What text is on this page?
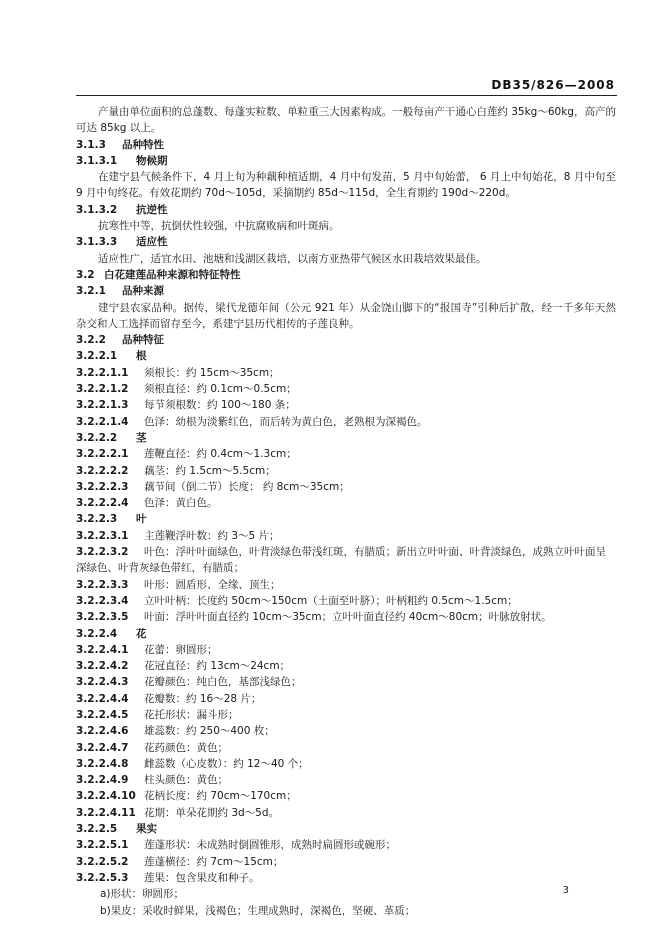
DB35/826—2008
产量由单位面积的总蓬数、每蓬实粒数、单粒重三大因素构成。一般每亩产干通心白莲约 35kg～60kg，高产的可达 85kg 以上。
3.1.3 品种特性
3.1.3.1 物候期
在建宁县气候条件下，4 月上旬为种藕种植适期，4 月中旬发苗，5 月中旬始蕾， 6 月上中旬始花，8 月中旬至 9 月中旬终花。有效花期约 70d～105d，采摘期约 85d～115d，全生育期约 190d～220d。
3.1.3.2 抗逆性
抗寒性中等，抗倒伏性较强，中抗腐败病和叶斑病。
3.1.3.3 适应性
适应性广，适宜水田、池塘和浅湖区栽培，以南方亚热带气候区水田栽培效果最佳。
3.2 白花建莲品种来源和特征特性
3.2.1 品种来源
建宁县农家品种。据传，梁代龙德年间（公元 921 年）从金饶山脚下的“报国寺”引种后扩散，经一千多年天然杂交和人工选择而留存至今，系建宁县历代相传的子莲良种。
3.2.2 品种特征
3.2.2.1 根
3.2.2.1.1 须根长：约 15cm～35cm；
3.2.2.1.2 须根直径：约 0.1cm～0.5cm；
3.2.2.1.3 每节须根数：约 100～180 条；
3.2.2.1.4 色泽：幼根为淡紫红色，而后转为黄白色，老熟根为深褐色。
3.2.2.2 茎
3.2.2.2.1 莲鞭直径：约 0.4cm～1.3cm；
3.2.2.2.2 藕茎：约 1.5cm～5.5cm；
3.2.2.2.3 藕节间（倒二节）长度： 约 8cm～35cm；
3.2.2.2.4 色泽：黄白色。
3.2.2.3 叶
3.2.2.3.1 主莲鞭浮叶数：约 3～5 片；
3.2.2.3.2 叶色：浮叶叶面绿色，叶背淡绿色带浅红斑，有腊质；新出立叶叶面、叶背淡绿色，成熟立叶叶面呈深绿色、叶背灰绿色带红，有腊质；
3.2.2.3.3 叶形：圆盾形、全缘、顶生；
3.2.2.3.4 立叶叶柄：长度约 50cm～150cm（土面至叶脐）；叶柄粗约 0.5cm～1.5cm；
3.2.2.3.5 叶面：浮叶叶面直径约 10cm～35cm；立叶叶面直径约 40cm～80cm；叶脉放射状。
3.2.2.4 花
3.2.2.4.1 花蕾：卵圆形；
3.2.2.4.2 花冠直径：约 13cm～24cm；
3.2.2.4.3 花瓣颜色：纯白色，基部浅绿色；
3.2.2.4.4 花瓣数：约 16～28 片；
3.2.2.4.5 花托形状：漏斗形；
3.2.2.4.6 雄蕊数：约 250～400 枚；
3.2.2.4.7 花药颜色：黄色；
3.2.2.4.8 雌蕊数（心皮数）：约 12～40 个；
3.2.2.4.9 柱头颜色：黄色；
3.2.2.4.10 花柄长度：约 70cm～170cm；
3.2.2.4.11 花期：单朵花期约 3d～5d。
3.2.2.5 果实
3.2.2.5.1 莲蓬形状：未成熟时倒圆锥形，成熟时扁圆形或碗形；
3.2.2.5.2 莲蓬横径：约 7cm～15cm；
3.2.2.5.3 莲果：包含果皮和种子。
a)形状：卵圆形；
b)果皮：采收时鲜果，浅褐色；生理成熟时，深褐色，坚硬、革质；
3
